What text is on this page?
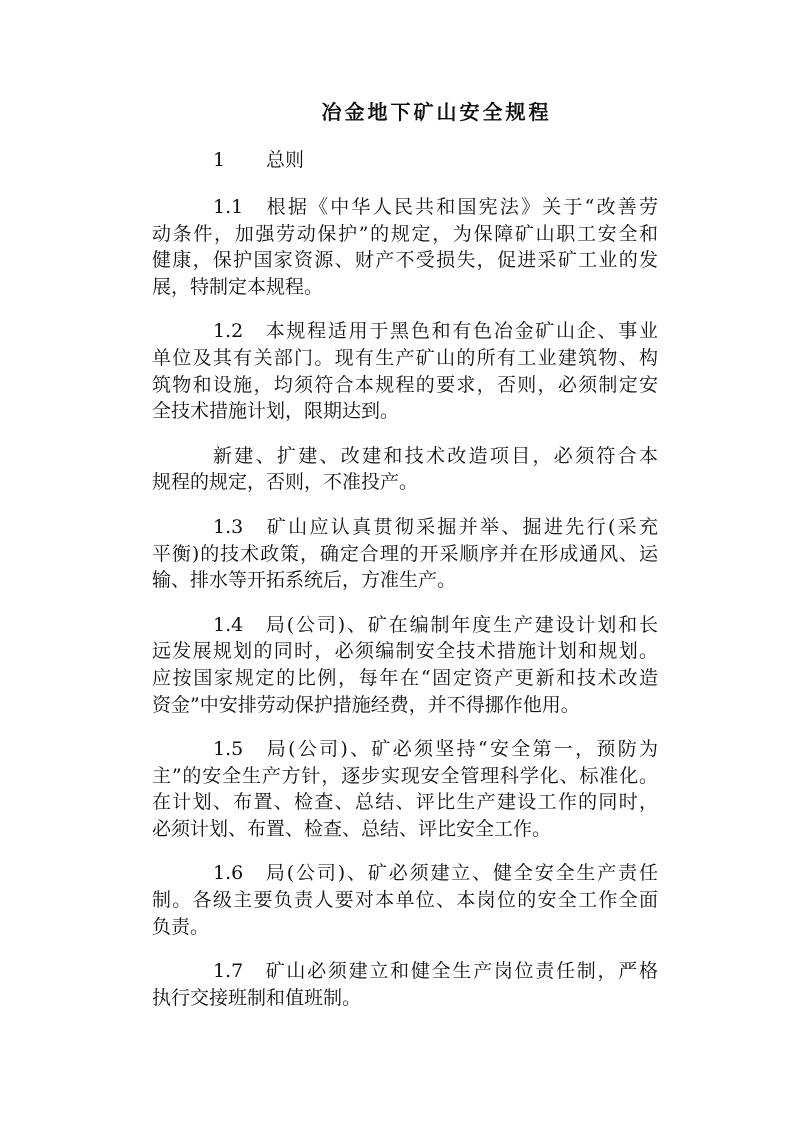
冶金地下矿山安全规程
1 总则
1.1　根据《中华人民共和国宪法》关于“改善劳
动条件，加强劳动保护”的规定，为保障矿山职工安全和
健康，保护国家资源、财产不受损失，促进采矿工业的发
展，特制定本规程。
1.2　本规程适用于黑色和有色冶金矿山企、事业
单位及其有关部门。现有生产矿山的所有工业建筑物、构
筑物和设施，均须符合本规程的要求，否则，必须制定安
全技术措施计划，限期达到。
新建、扩建、改建和技术改造项目，必须符合本
规程的规定，否则，不准投产。
1.3　矿山应认真贯彻采掘并举、掘进先行(采充
平衡)的技术政策，确定合理的开采顺序并在形成通风、运
输、排水等开拓系统后，方准生产。
1.4　局(公司)、矿在编制年度生产建设计划和长
远发展规划的同时，必须编制安全技术措施计划和规划。
应按国家规定的比例，每年在“固定资产更新和技术改造
资金”中安排劳动保护措施经费，并不得挪作他用。
1.5　局(公司)、矿必须坚持“安全第一，预防为
主”的安全生产方针，逐步实现安全管理科学化、标准化。
在计划、布置、检查、总结、评比生产建设工作的同时，
必须计划、布置、检查、总结、评比安全工作。
1.6　局(公司)、矿必须建立、健全安全生产责任
制。各级主要负责人要对本单位、本岗位的安全工作全面
负责。
1.7　矿山必须建立和健全生产岗位责任制，严格
执行交接班制和值班制。
